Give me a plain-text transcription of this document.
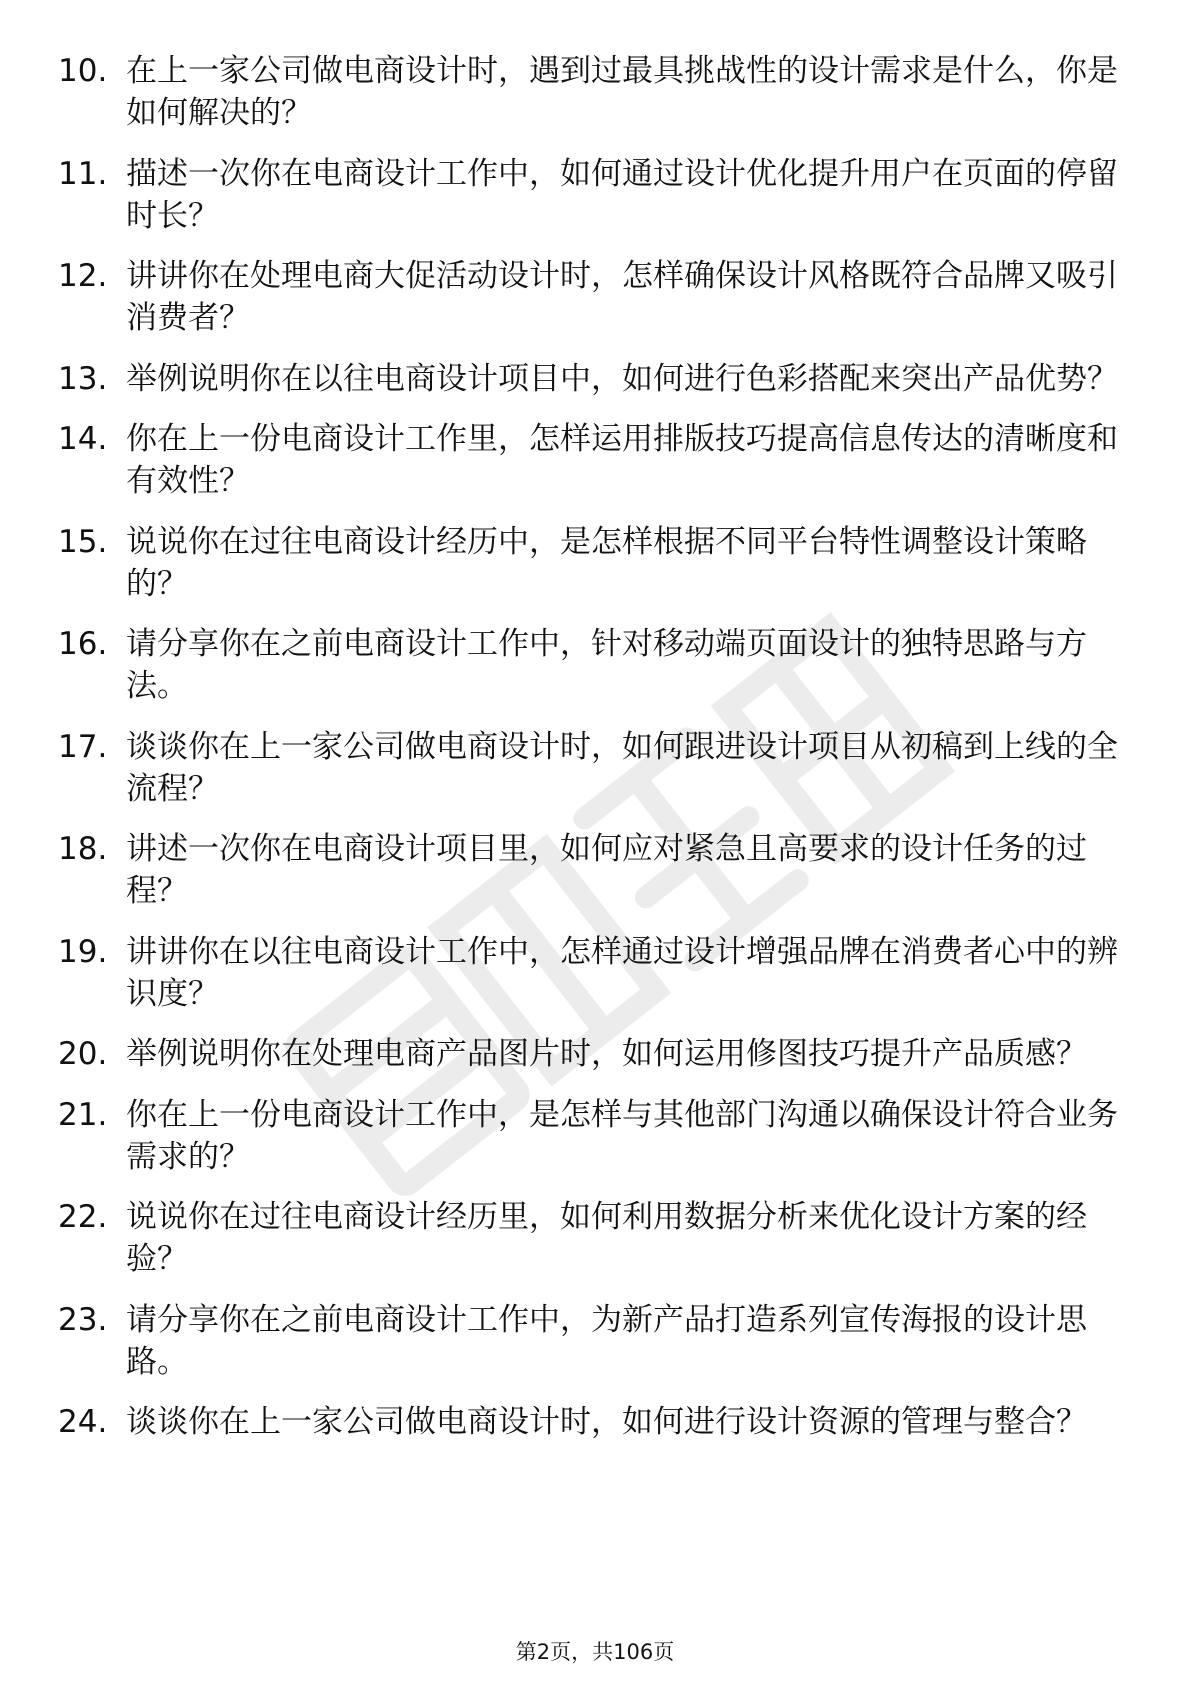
10. 在上一家公司做电商设计时，遇到过最具挑战性的设计需求是什么，你是如何解决的？
11. 描述一次你在电商设计工作中，如何通过设计优化提升用户在页面的停留时长？
12. 讲讲你在处理电商大促活动设计时，怎样确保设计风格既符合品牌又吸引消费者？
13. 举例说明你在以往电商设计项目中，如何进行色彩搭配来突出产品优势？
14. 你在上一份电商设计工作里，怎样运用排版技巧提高信息传达的清晰度和有效性？
15. 说说你在过往电商设计经历中，是怎样根据不同平台特性调整设计策略的？
16. 请分享你在之前电商设计工作中，针对移动端页面设计的独特思路与方法。
17. 谈谈你在上一家公司做电商设计时，如何跟进设计项目从初稿到上线的全流程？
18. 讲述一次你在电商设计项目里，如何应对紧急且高要求的设计任务的过程？
19. 讲讲你在以往电商设计工作中，怎样通过设计增强品牌在消费者心中的辨识度？
20. 举例说明你在处理电商产品图片时，如何运用修图技巧提升产品质感？
21. 你在上一份电商设计工作中，是怎样与其他部门沟通以确保设计符合业务需求的？
22. 说说你在过往电商设计经历里，如何利用数据分析来优化设计方案的经验？
23. 请分享你在之前电商设计工作中，为新产品打造系列宣传海报的设计思路。
24. 谈谈你在上一家公司做电商设计时，如何进行设计资源的管理与整合？
第2页，共106页
